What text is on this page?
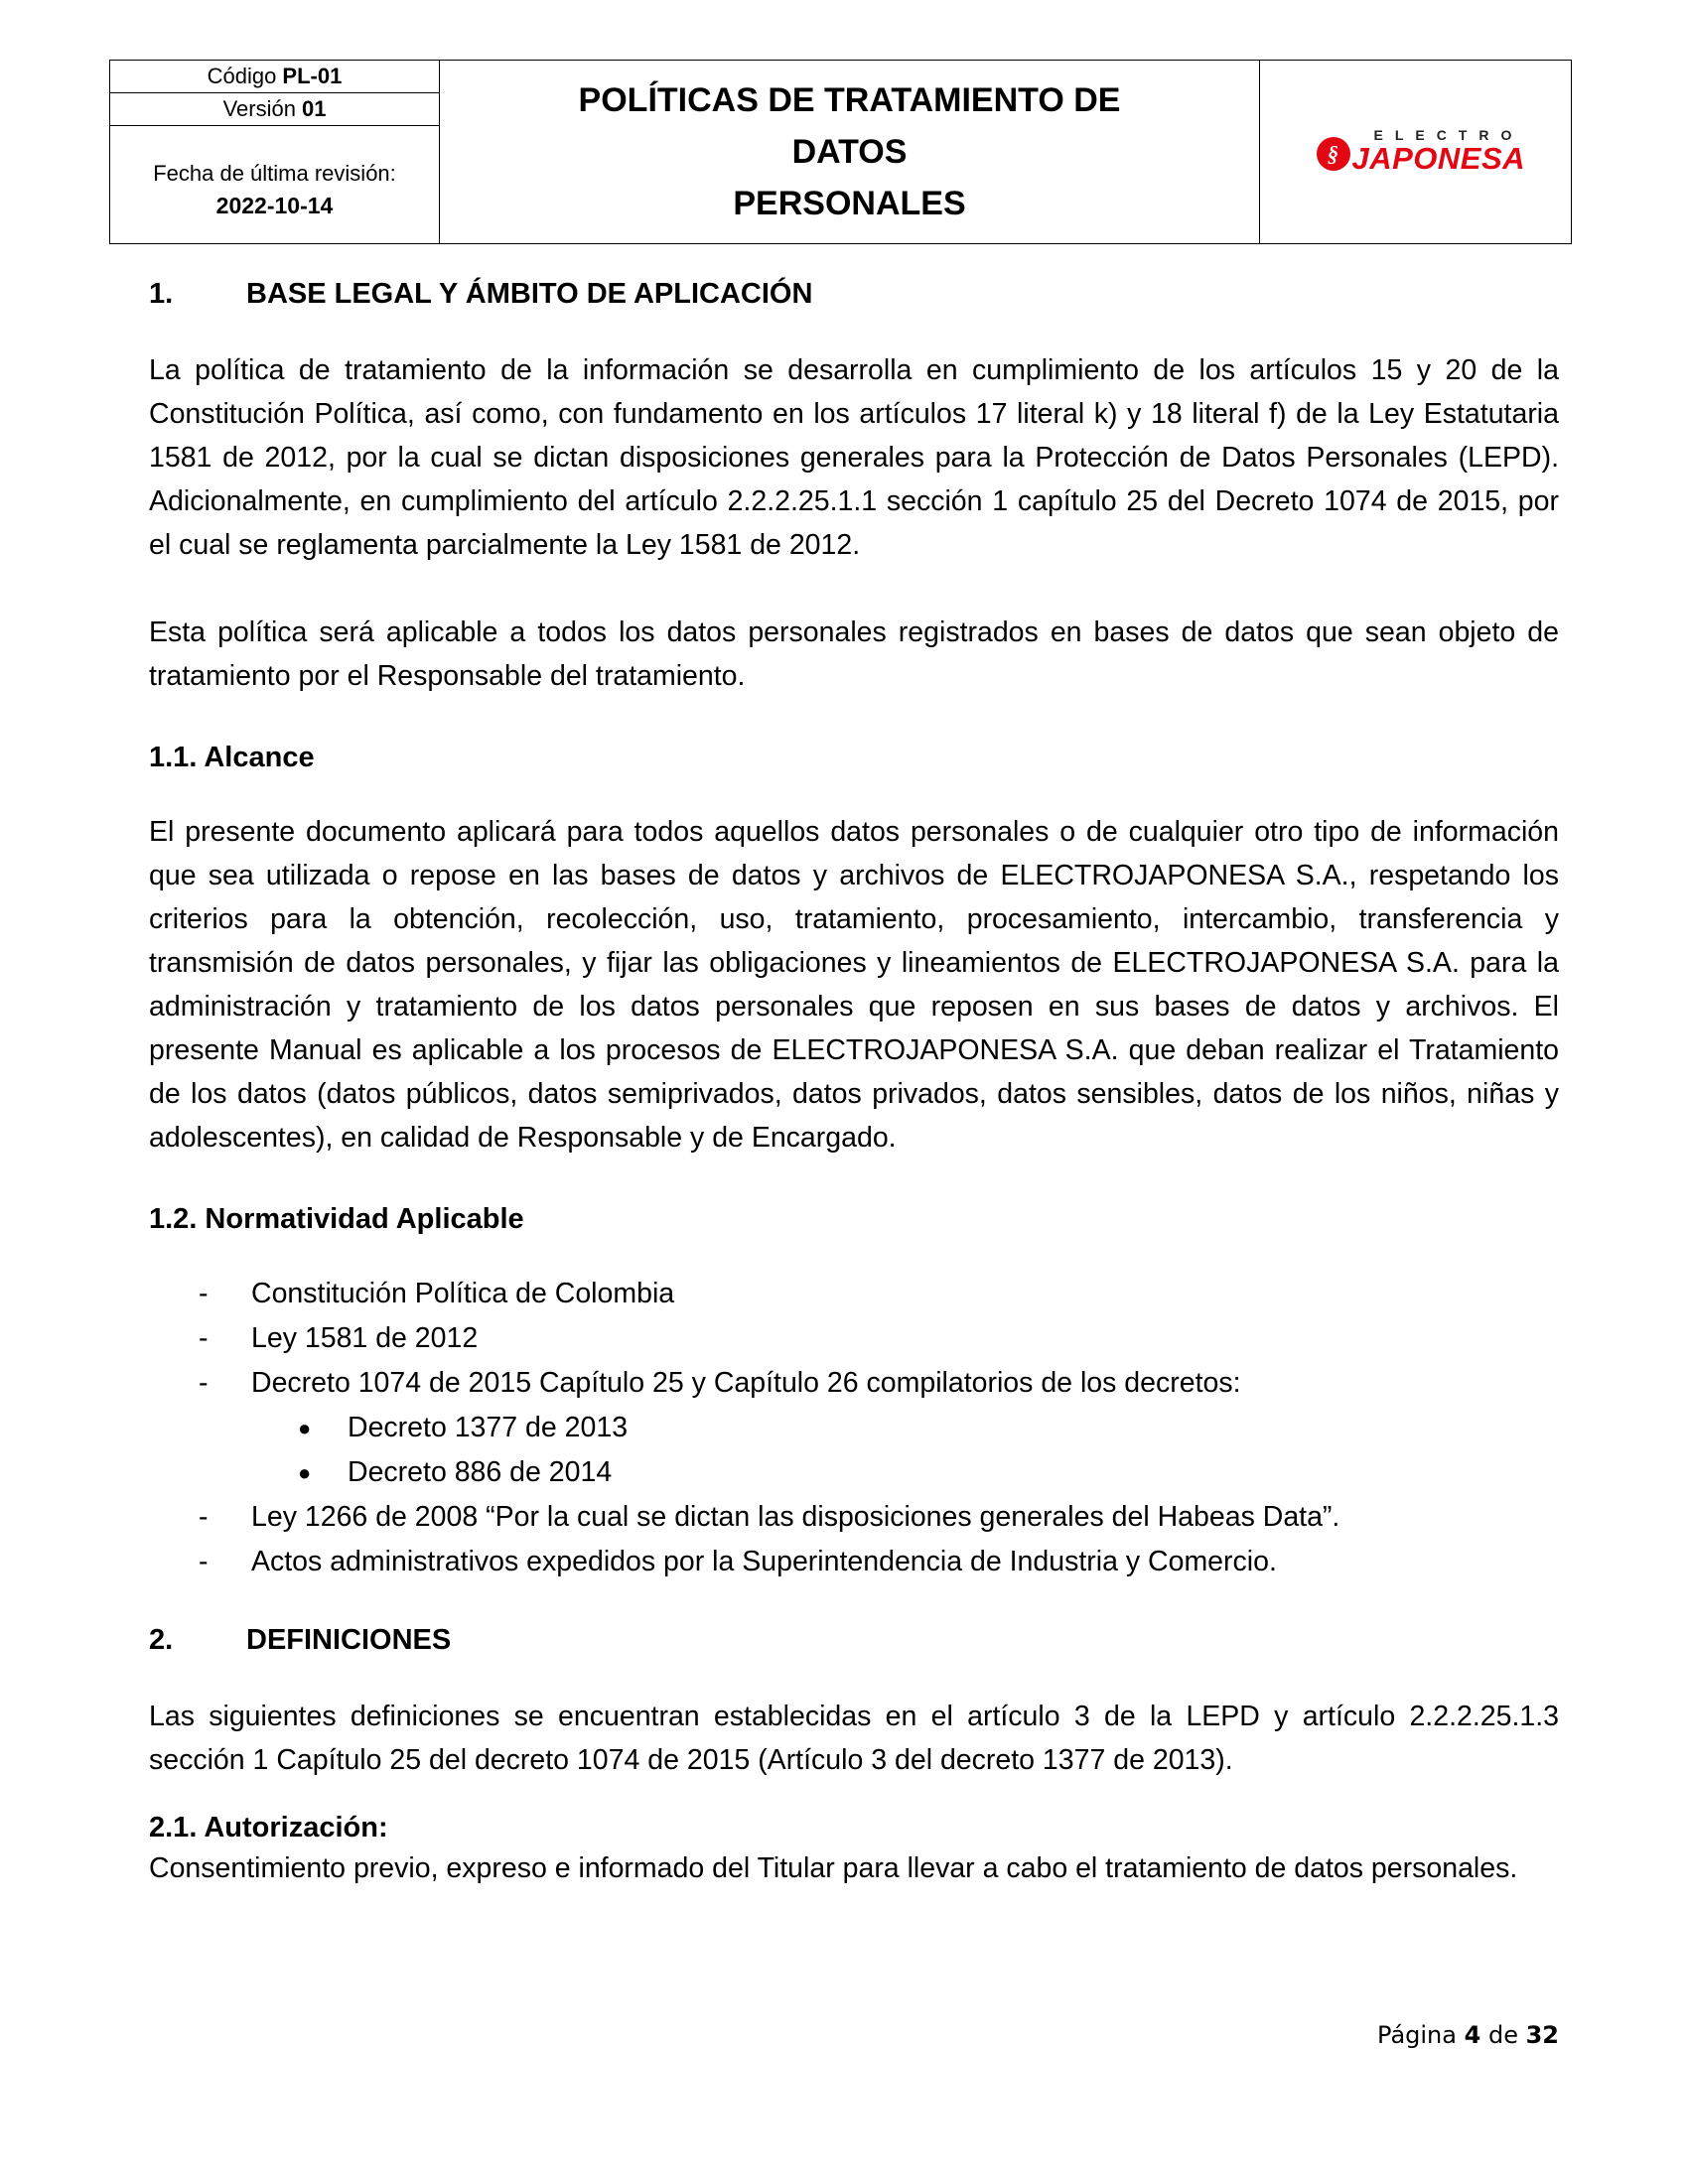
Código PL-01
Versión 01
Fecha de última revisión:
2022-10-14
POLÍTICAS DE TRATAMIENTO DE DATOS
PERSONALES
§
ELECTRO
JAPONESA
1.	BASE LEGAL Y ÁMBITO DE APLICACIÓN
La política de tratamiento de la información se desarrolla en cumplimiento de los artículos 15 y 20 de la Constitución Política, así como, con fundamento en los artículos 17 literal k) y 18 literal f) de la Ley Estatutaria 1581 de 2012, por la cual se dictan disposiciones generales para la Protección de Datos Personales (LEPD). Adicionalmente, en cumplimiento del artículo 2.2.2.25.1.1 sección 1 capítulo 25 del Decreto 1074 de 2015, por el cual se reglamenta parcialmente la Ley 1581 de 2012.
Esta política será aplicable a todos los datos personales registrados en bases de datos que sean objeto de tratamiento por el Responsable del tratamiento.
1.1. Alcance
El presente documento aplicará para todos aquellos datos personales o de cualquier otro tipo de información que sea utilizada o repose en las bases de datos y archivos de ELECTROJAPONESA S.A., respetando los criterios para la obtención, recolección, uso, tratamiento, procesamiento, intercambio, transferencia y transmisión de datos personales, y fijar las obligaciones y lineamientos de ELECTROJAPONESA S.A. para la administración y tratamiento de los datos personales que reposen en sus bases de datos y archivos. El presente Manual es aplicable a los procesos de ELECTROJAPONESA S.A. que deban realizar el Tratamiento de los datos (datos públicos, datos semiprivados, datos privados, datos sensibles, datos de los niños, niñas y adolescentes), en calidad de Responsable y de Encargado.
1.2. Normatividad Aplicable
-	Constitución Política de Colombia
-	Ley 1581 de 2012
-	Decreto 1074 de 2015 Capítulo 25 y Capítulo 26 compilatorios de los decretos:
●	Decreto 1377 de 2013
●	Decreto 886 de 2014
-	Ley 1266 de 2008 “Por la cual se dictan las disposiciones generales del Habeas Data”.
-	Actos administrativos expedidos por la Superintendencia de Industria y Comercio.
2.	DEFINICIONES
Las siguientes definiciones se encuentran establecidas en el artículo 3 de la LEPD y artículo 2.2.2.25.1.3 sección 1 Capítulo 25 del decreto 1074 de 2015 (Artículo 3 del decreto 1377 de 2013).
2.1. Autorización:
Consentimiento previo, expreso e informado del Titular para llevar a cabo el tratamiento de datos personales.
Página 4 de 32
